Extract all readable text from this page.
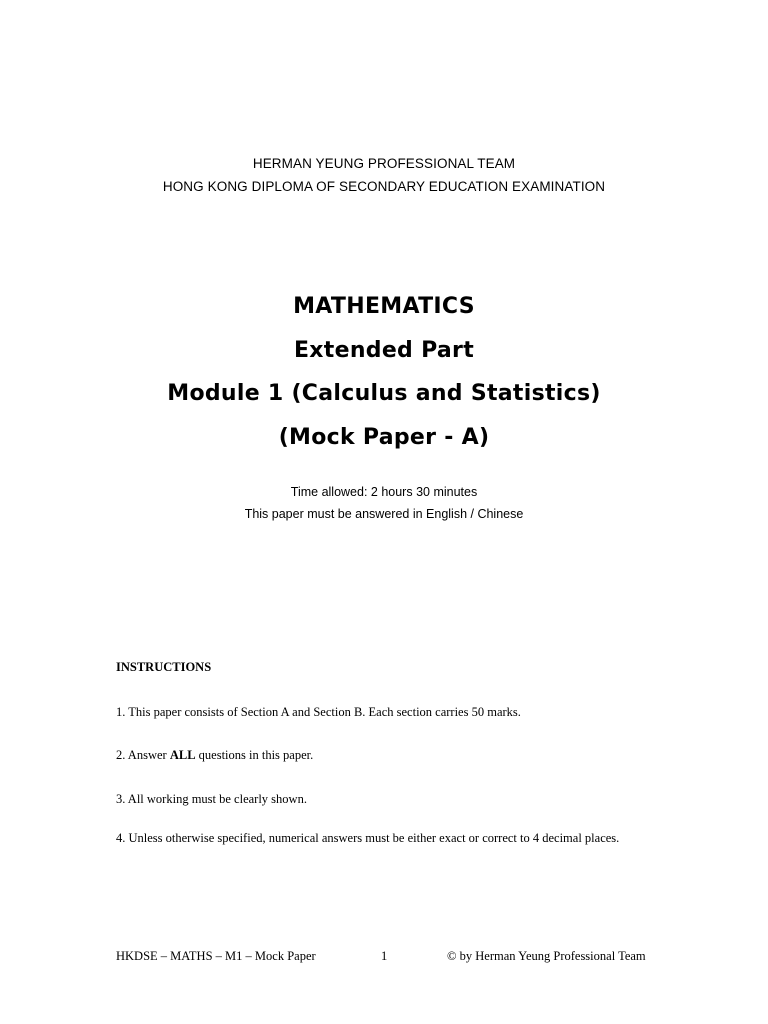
HERMAN YEUNG PROFESSIONAL TEAM
HONG KONG DIPLOMA OF SECONDARY EDUCATION EXAMINATION
MATHEMATICS
Extended Part
Module 1 (Calculus and Statistics)
(Mock Paper - A)
Time allowed: 2 hours 30 minutes
This paper must be answered in English / Chinese
INSTRUCTIONS
1. This paper consists of Section A and Section B. Each section carries 50 marks.
2. Answer ALL questions in this paper.
3. All working must be clearly shown.
4. Unless otherwise specified, numerical answers must be either exact or correct to 4 decimal places.
HKDSE – MATHS – M1 – Mock Paper	1	© by Herman Yeung Professional Team
